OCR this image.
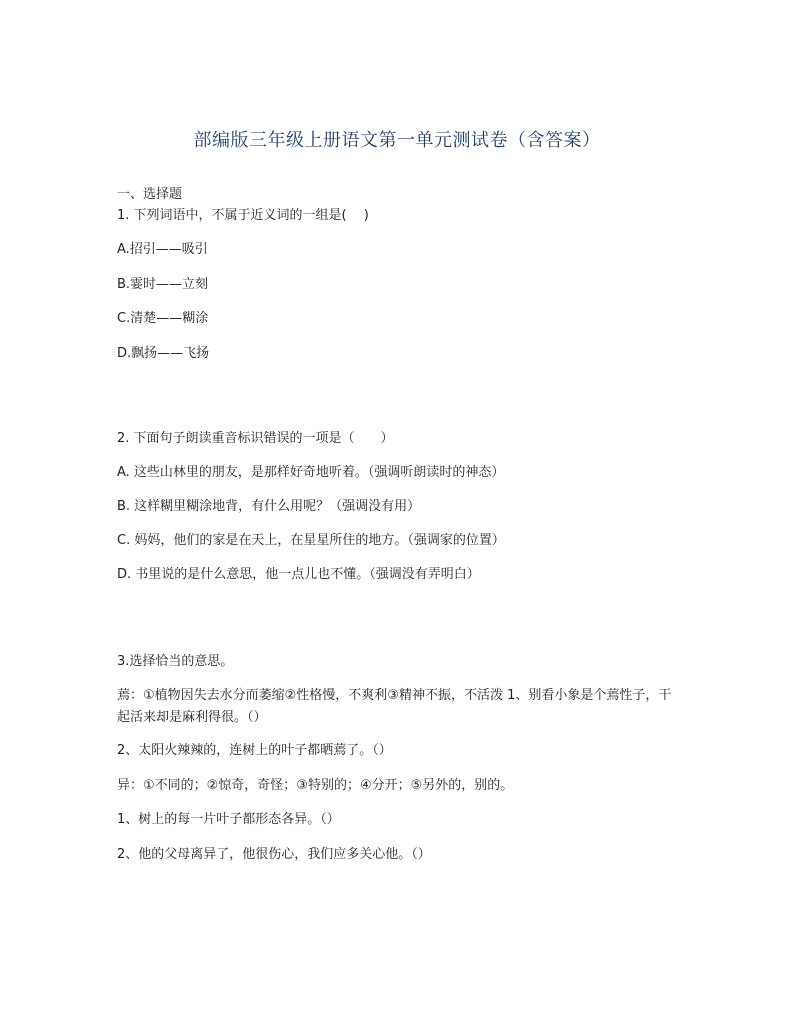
部编版三年级上册语文第一单元测试卷（含答案）
一、选择题
1. 下列词语中，不属于近义词的一组是(　 )
A.招引——吸引
B.霎时——立刻
C.清楚——糊涂
D.飘扬——飞扬
2. 下面句子朗读重音标识错误的一项是（　　）
A. 这些山林里的朋友，是那样好奇地听着。（强调听朗读时的神态）
B. 这样糊里糊涂地背，有什么用呢？（强调没有用）
C. 妈妈，他们的家是在天上，在星星所住的地方。（强调家的位置）
D. 书里说的是什么意思，他一点儿也不懂。（强调没有弄明白）
3.选择恰当的意思。
蔫：①植物因失去水分而萎缩②性格慢，不爽利③精神不振，不活泼 1、别看小象是个蔫性子，干起活来却是麻利得很。（）
2、太阳火辣辣的，连树上的叶子都晒蔫了。（）
异：①不同的；②惊奇，奇怪；③特别的；④分开；⑤另外的，别的。
1、树上的每一片叶子都形态各异。（）
2、他的父母离异了，他很伤心，我们应多关心他。（）
